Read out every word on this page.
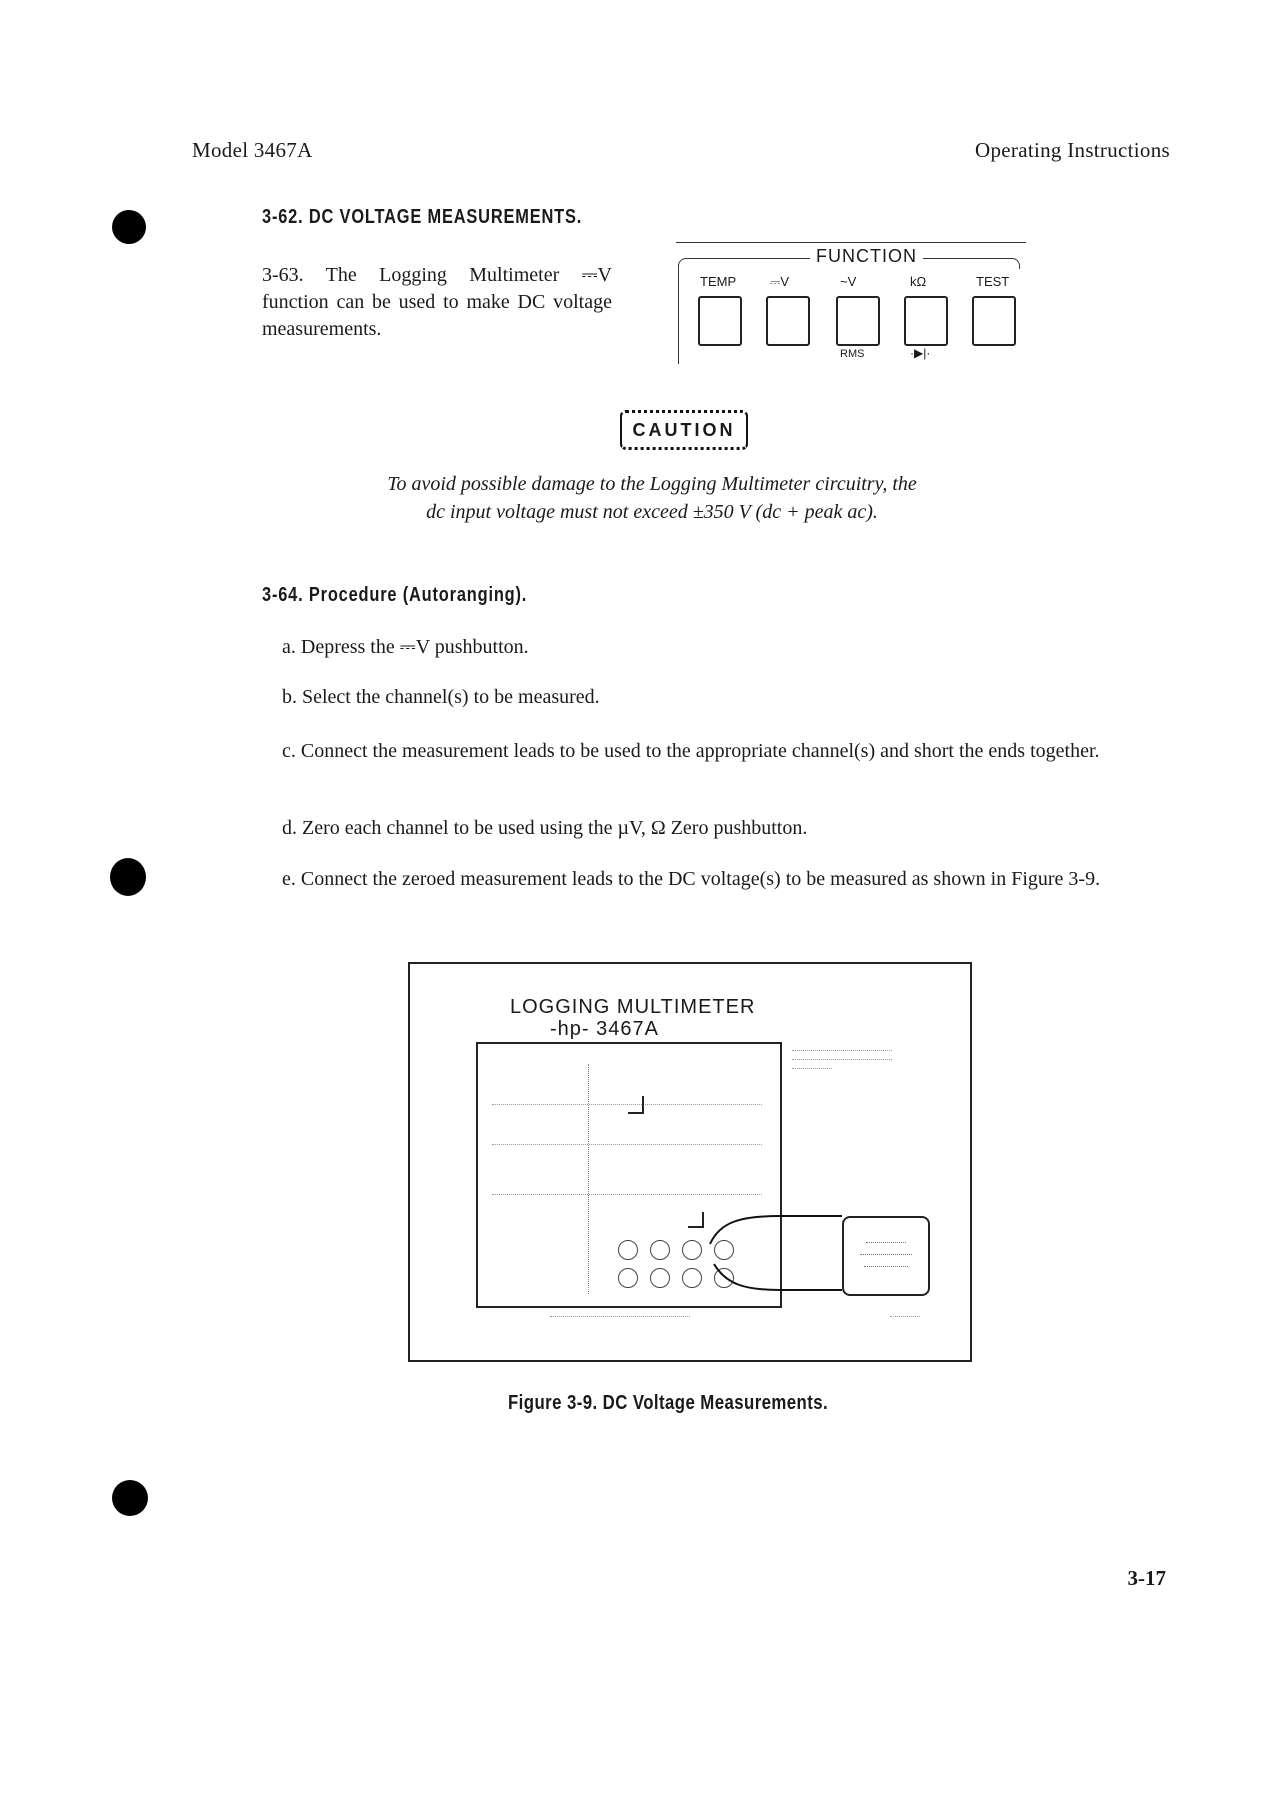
Model 3467A	Operating Instructions
3-62. DC VOLTAGE MEASUREMENTS.
3-63. The Logging Multimeter ⎓V function can be used to make DC voltage measurements.
FUNCTION
TEMP	⎓V	~V	kΩ	TEST
RMS	·▶|·
CAUTION
To avoid possible damage to the Logging Multimeter circuitry, the
dc input voltage must not exceed ±350 V (dc + peak ac).
3-64. Procedure (Autoranging).
a. Depress the ⎓V pushbutton.
b. Select the channel(s) to be measured.
c. Connect the measurement leads to be used to the appropriate channel(s) and short the ends together.
d. Zero each channel to be used using the µV, Ω Zero pushbutton.
e. Connect the zeroed measurement leads to the DC voltage(s) to be measured as shown in Figure 3-9.
LOGGING MULTIMETER
-hp- 3467A
Figure 3-9. DC Voltage Measurements.
3-17
